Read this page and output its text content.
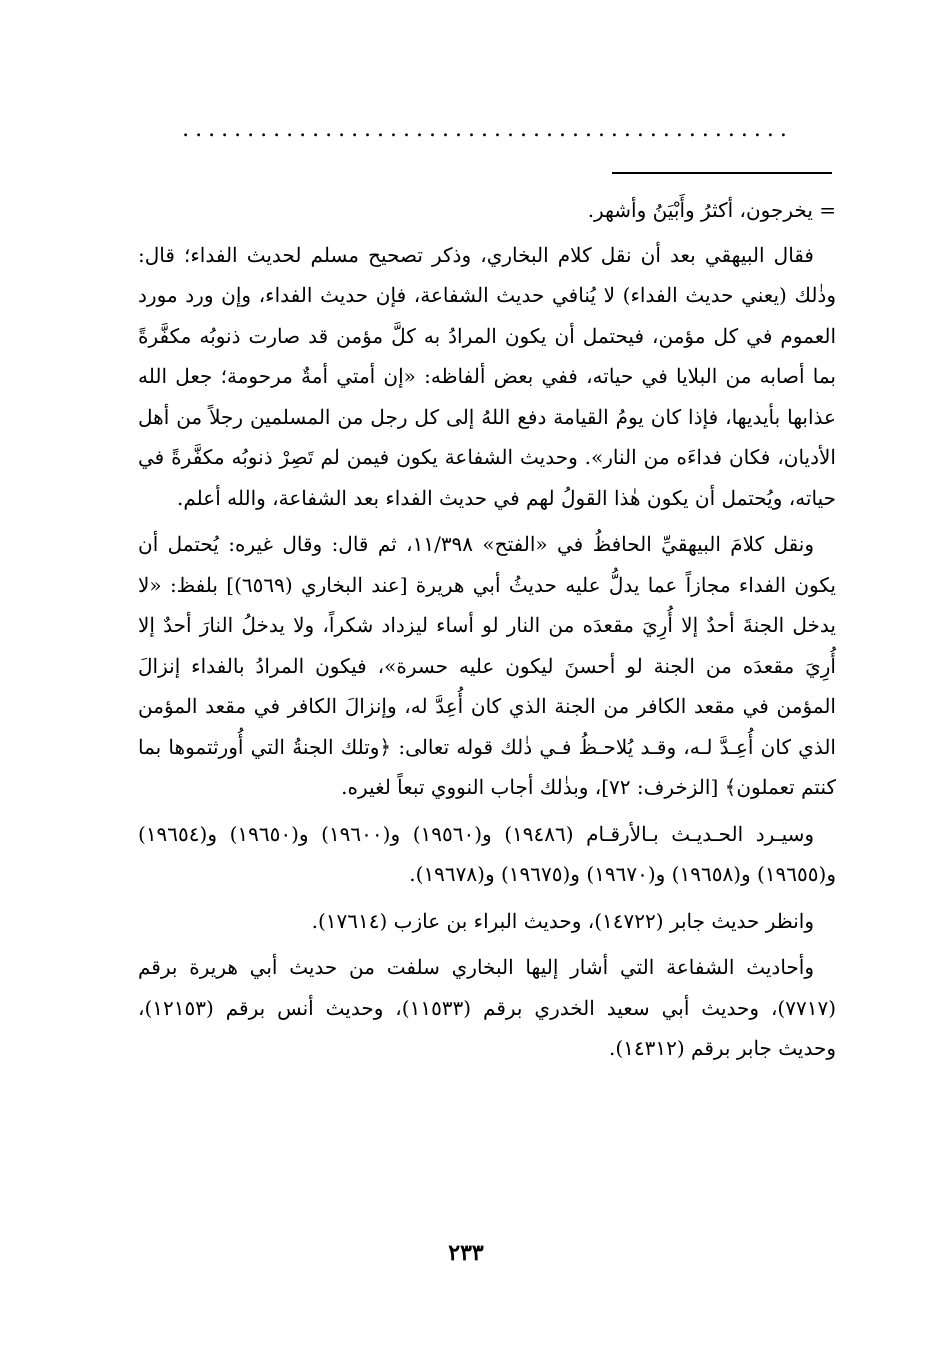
...............................................

= يخرجون، أكثرُ وأَبْيَنُ وأشهر.

فقال البيهقي بعد أن نقل كلام البخاري، وذكر تصحيح مسلم لحديث الفداء؛ قال: وذٰلك (يعني حديث الفداء) لا يُنافي حديث الشفاعة، فإن حديث الفداء، وإن ورد مورد العموم في كل مؤمن، فيحتمل أن يكون المرادُ به كلَّ مؤمن قد صارت ذنوبُه مكفَّرةً بما أصابه من البلايا في حياته، ففي بعض ألفاظه: «إن أمتي أمةٌ مرحومة؛ جعل الله عذابها بأيديها، فإذا كان يومُ القيامة دفع اللهُ إلى كل رجل من المسلمين رجلاً من أهل الأديان، فكان فداءَه من النار». وحديث الشفاعة يكون فيمن لم تَصِرْ ذنوبُه مكفَّرةً في حياته، ويُحتمل أن يكون هٰذا القولُ لهم في حديث الفداء بعد الشفاعة، والله أعلم.

ونقل كلامَ البيهقيِّ الحافظُ في «الفتح» ١١/٣٩٨، ثم قال: وقال غيره: يُحتمل أن يكون الفداء مجازاً عما يدلُّ عليه حديثُ أبي هريرة [عند البخاري (٦٥٦٩)] بلفظ: «لا يدخل الجنةَ أحدٌ إلا أُرِيَ مقعدَه من النار لو أساء ليزداد شكراً، ولا يدخلُ النارَ أحدٌ إلا أُرِيَ مقعدَه من الجنة لو أحسنَ ليكون عليه حسرة»، فيكون المرادُ بالفداء إنزالَ المؤمن في مقعد الكافر من الجنة الذي كان أُعِدَّ له، وإنزالَ الكافر في مقعد المؤمن الذي كان أُعِـدَّ لـه، وقـد يُلاحـظُ فـي ذٰلك قوله تعالى: ﴿وتلك الجنةُ التي أُورثتموها بما كنتم تعملون﴾ [الزخرف: ٧٢]، وبذٰلك أجاب النووي تبعاً لغيره.

وسيـرد الحـديـث بـالأرقـام (١٩٤٨٦) و(١٩٥٦٠) و(١٩٦٠٠) و(١٩٦٥٠) و(١٩٦٥٤) و(١٩٦٥٥) و(١٩٦٥٨) و(١٩٦٧٠) و(١٩٦٧٥) و(١٩٦٧٨).

وانظر حديث جابر (١٤٧٢٢)، وحديث البراء بن عازب (١٧٦١٤).

وأحاديث الشفاعة التي أشار إليها البخاري سلفت من حديث أبي هريرة برقم (٧٧١٧)، وحديث أبي سعيد الخدري برقم (١١٥٣٣)، وحديث أنس برقم (١٢١٥٣)، وحديث جابر برقم (١٤٣١٢).

٢٣٣
